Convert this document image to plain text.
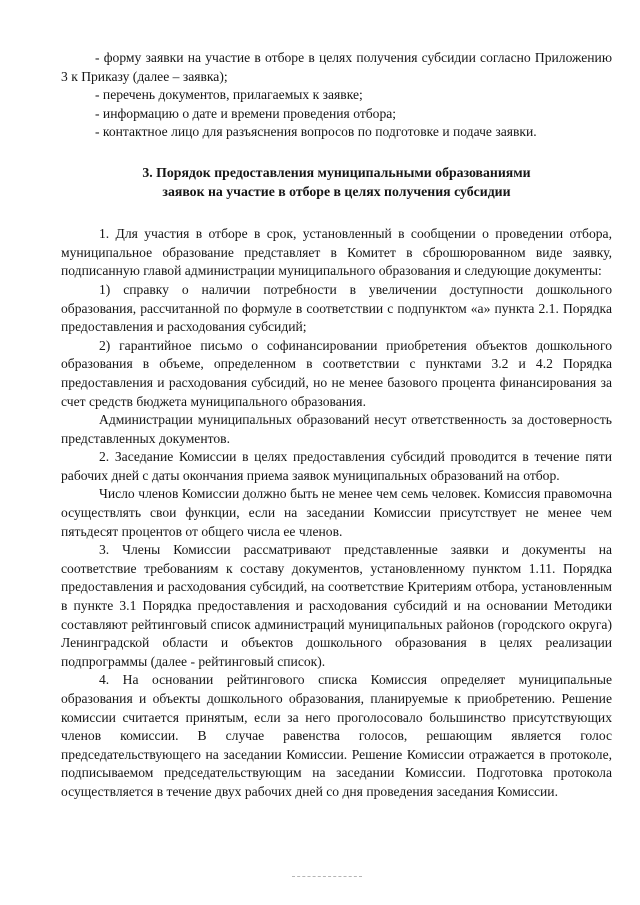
- форму заявки на участие в отборе в целях получения субсидии согласно Приложению 3 к Приказу (далее – заявка);

- перечень документов, прилагаемых к заявке;

- информацию о дате и времени проведения отбора;

- контактное лицо для разъяснения вопросов по подготовке и подаче заявки.

3. Порядок предоставления муниципальными образованиями
заявок на участие в отборе в целях получения субсидии

1. Для участия в отборе в срок, установленный в сообщении о проведении отбора, муниципальное образование представляет в Комитет в сброшюрованном виде заявку, подписанную главой администрации муниципального образования и следующие документы:

1) справку о наличии потребности в увеличении доступности дошкольного образования, рассчитанной по формуле в соответствии с подпунктом «а» пункта 2.1. Порядка предоставления и расходования субсидий;

2) гарантийное письмо о софинансировании приобретения объектов дошкольного образования в объеме, определенном в соответствии с пунктами 3.2 и 4.2 Порядка предоставления и расходования субсидий, но не менее базового процента финансирования за счет средств бюджета муниципального образования.

Администрации муниципальных образований несут ответственность за достоверность представленных документов.

2. Заседание Комиссии в целях предоставления субсидий проводится в течение пяти рабочих дней с даты окончания приема заявок муниципальных образований на отбор.

Число членов Комиссии должно быть не менее чем семь человек. Комиссия правомочна осуществлять свои функции, если на заседании Комиссии присутствует не менее чем пятьдесят процентов от общего числа ее членов.

3. Члены Комиссии рассматривают представленные заявки и документы на соответствие требованиям к составу документов, установленному пунктом 1.11. Порядка предоставления и расходования субсидий, на соответствие Критериям отбора, установленным в пункте 3.1 Порядка предоставления и расходования субсидий и на основании Методики составляют рейтинговый список администраций муниципальных районов (городского округа) Ленинградской области и объектов дошкольного образования в целях реализации подпрограммы (далее - рейтинговый список).

4. На основании рейтингового списка Комиссия определяет муниципальные образования и объекты дошкольного образования, планируемые к приобретению. Решение комиссии считается принятым, если за него проголосовало большинство присутствующих членов комиссии. В случае равенства голосов, решающим является голос председательствующего на заседании Комиссии. Решение Комиссии отражается в протоколе, подписываемом председательствующим на заседании Комиссии. Подготовка протокола осуществляется в течение двух рабочих дней со дня проведения заседания Комиссии.
